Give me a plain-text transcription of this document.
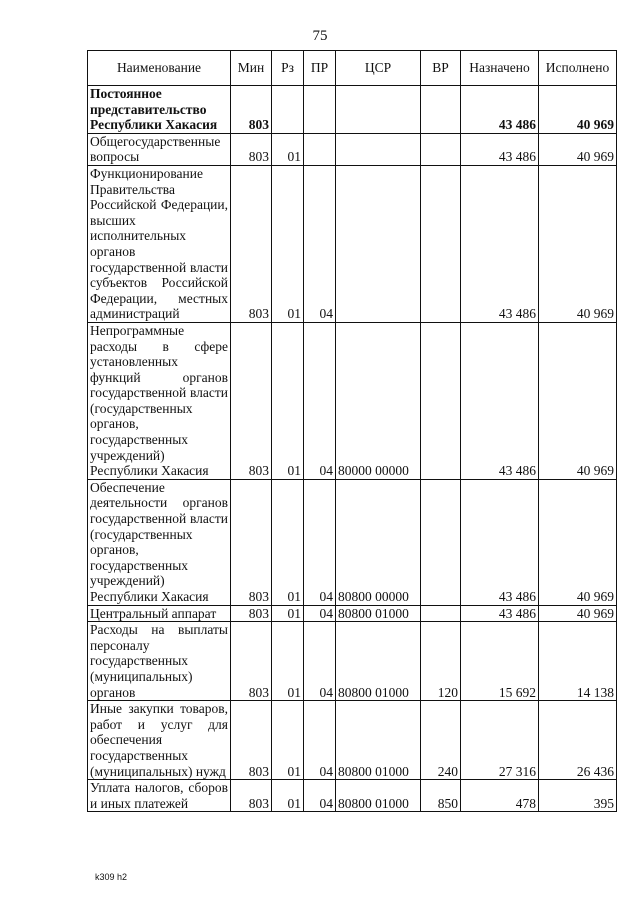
75
Наименование	Мин	Рз	ПР	ЦСР	ВР	Назначено	Исполнено
Постоянное представительство Республики Хакасия	803					43 486	40 969
Общегосударственные вопросы	803	01				43 486	40 969
Функционирование Правительства Российской Федерации, высших исполнительных органов государственной власти субъектов Российской Федерации, местных администраций	803	01	04			43 486	40 969
Непрограммные расходы в сфере установленных функций органов государственной власти (государственных органов, государственных учреждений) Республики Хакасия	803	01	04	80000 00000		43 486	40 969
Обеспечение деятельности органов государственной власти (государственных органов, государственных учреждений) Республики Хакасия	803	01	04	80800 00000		43 486	40 969
Центральный аппарат	803	01	04	80800 01000		43 486	40 969
Расходы на выплаты персоналу государственных (муниципальных) органов	803	01	04	80800 01000	120	15 692	14 138
Иные закупки товаров, работ и услуг для обеспечения государственных (муниципальных) нужд	803	01	04	80800 01000	240	27 316	26 436
Уплата налогов, сборов и иных платежей	803	01	04	80800 01000	850	478	395
k309 h2
